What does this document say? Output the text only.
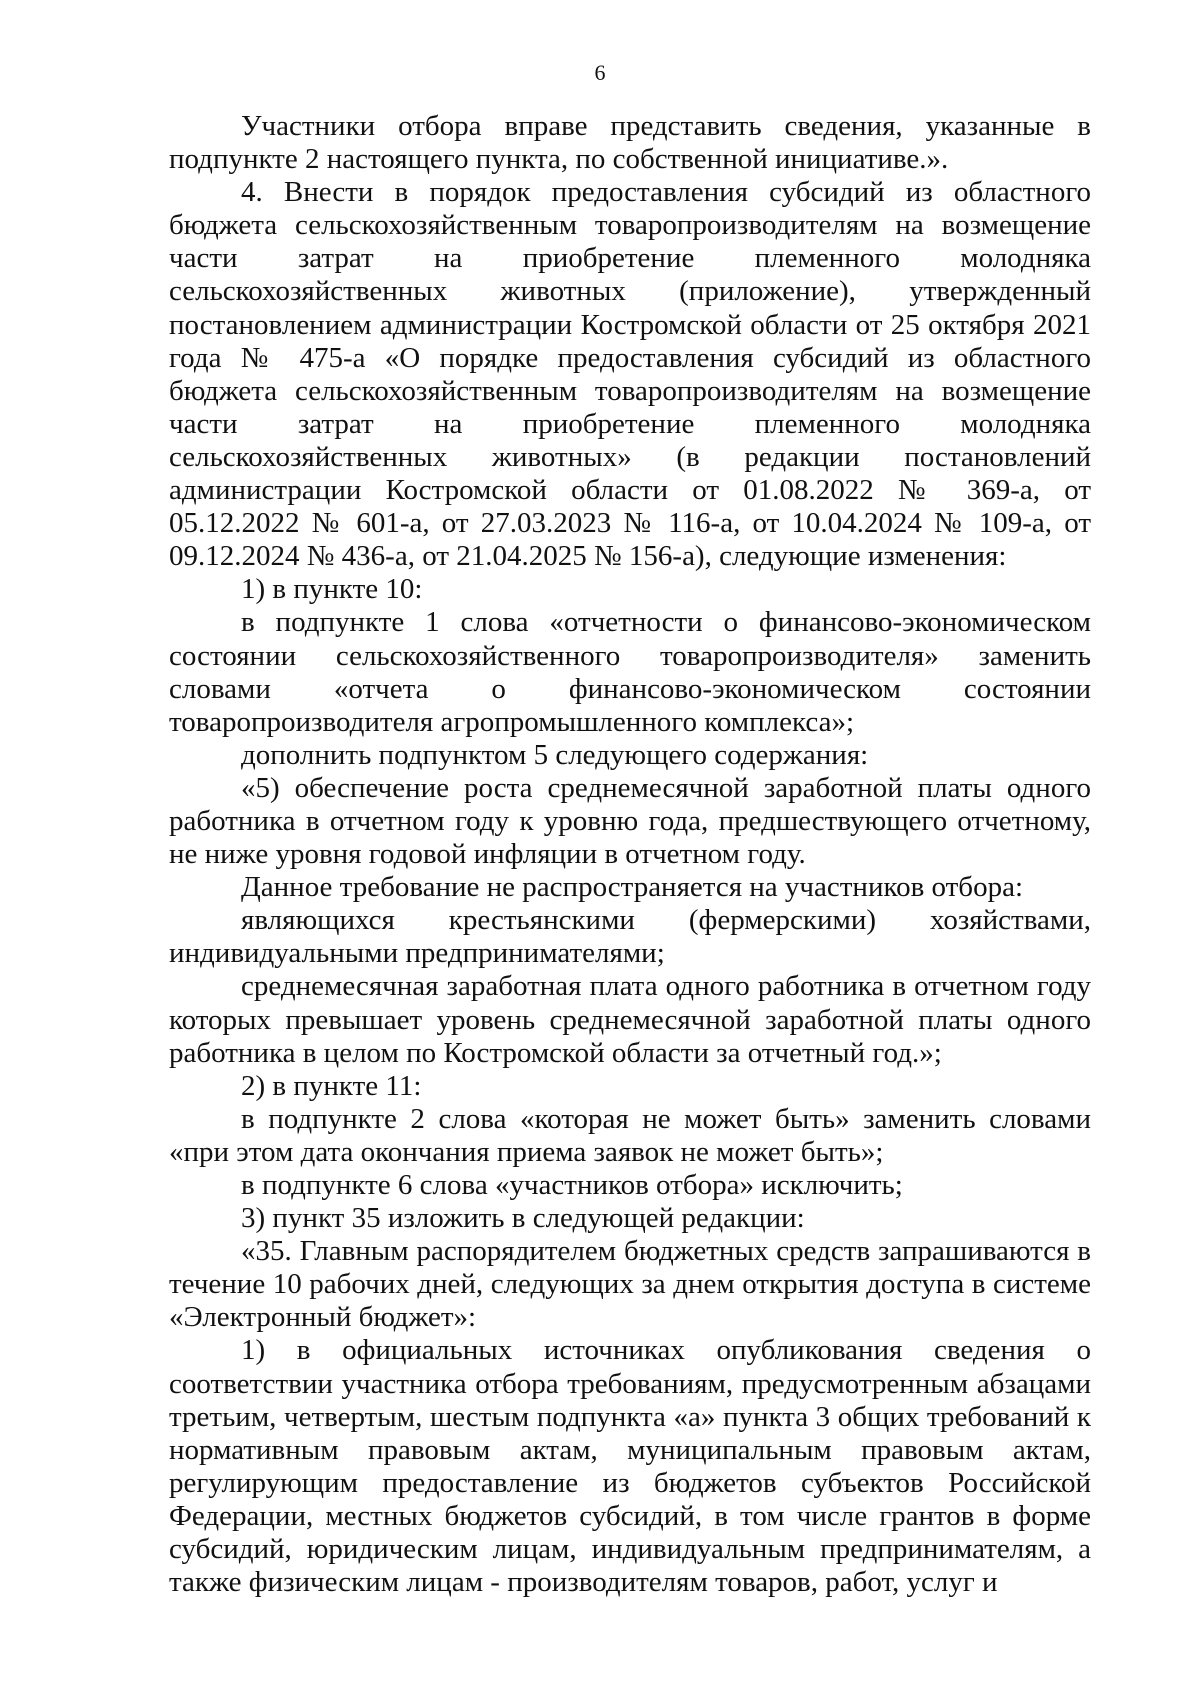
6

Участники отбора вправе представить сведения, указанные в подпункте 2 настоящего пункта, по собственной инициативе.».

4. Внести в порядок предоставления субсидий из областного бюджета сельскохозяйственным товаропроизводителям на возмещение части затрат на приобретение племенного молодняка сельскохозяйственных животных (приложение), утвержденный постановлением администрации Костромской области от 25 октября 2021 года № 475-а «О порядке предоставления субсидий из областного бюджета сельскохозяйственным товаропроизводителям на возмещение части затрат на приобретение племенного молодняка сельскохозяйственных животных» (в редакции постановлений администрации Костромской области от 01.08.2022 № 369-а, от 05.12.2022 № 601-а, от 27.03.2023 № 116-а, от 10.04.2024 № 109-а, от 09.12.2024 № 436-а, от 21.04.2025 № 156-а), следующие изменения:

1) в пункте 10:

в подпункте 1 слова «отчетности о финансово-экономическом состоянии сельскохозяйственного товаропроизводителя» заменить словами «отчета о финансово-экономическом состоянии товаропроизводителя агропромышленного комплекса»;

дополнить подпунктом 5 следующего содержания:

«5) обеспечение роста среднемесячной заработной платы одного работника в отчетном году к уровню года, предшествующего отчетному, не ниже уровня годовой инфляции в отчетном году.

Данное требование не распространяется на участников отбора:

являющихся крестьянскими (фермерскими) хозяйствами, индивидуальными предпринимателями;

среднемесячная заработная плата одного работника в отчетном году которых превышает уровень среднемесячной заработной платы одного работника в целом по Костромской области за отчетный год.»;

2) в пункте 11:

в подпункте 2 слова «которая не может быть» заменить словами «при этом дата окончания приема заявок не может быть»;

в подпункте 6 слова «участников отбора» исключить;

3) пункт 35 изложить в следующей редакции:

«35. Главным распорядителем бюджетных средств запрашиваются в течение 10 рабочих дней, следующих за днем открытия доступа в системе «Электронный бюджет»:

1) в официальных источниках опубликования сведения о соответствии участника отбора требованиям, предусмотренным абзацами третьим, четвертым, шестым подпункта «а» пункта 3 общих требований к нормативным правовым актам, муниципальным правовым актам, регулирующим предоставление из бюджетов субъектов Российской Федерации, местных бюджетов субсидий, в том числе грантов в форме субсидий, юридическим лицам, индивидуальным предпринимателям, а также физическим лицам - производителям товаров, работ, услуг и
